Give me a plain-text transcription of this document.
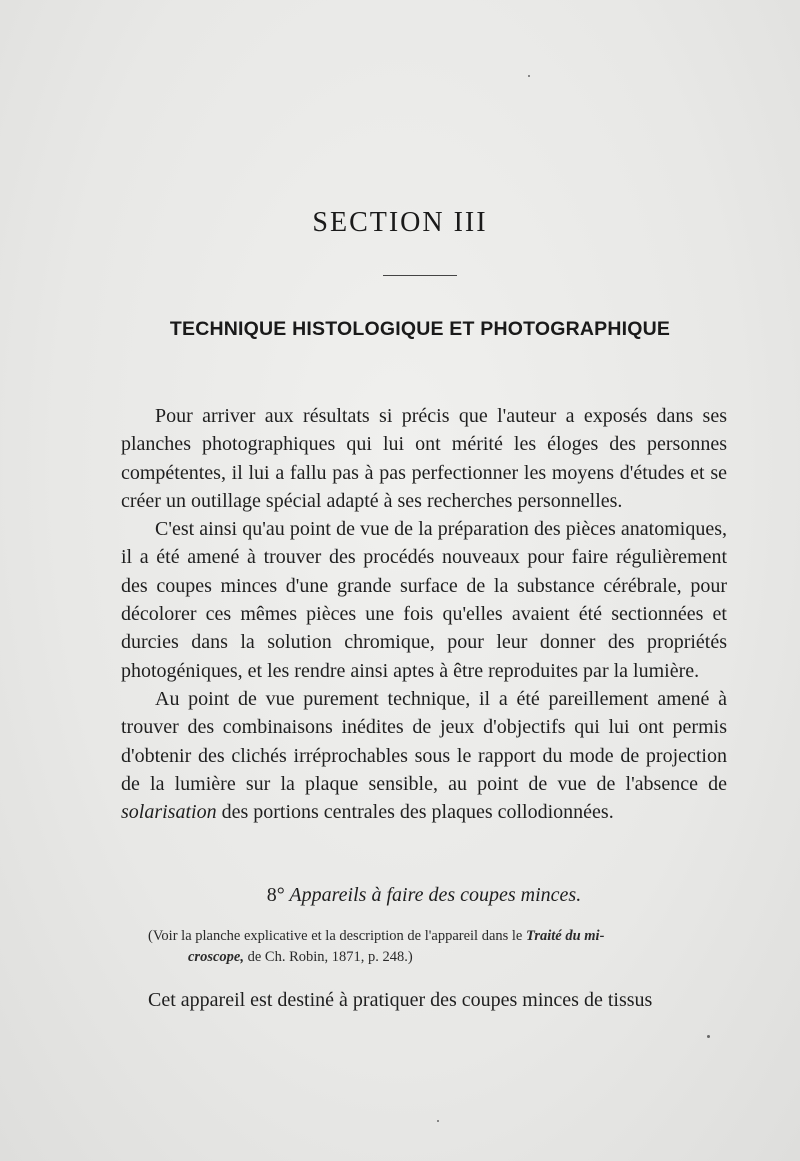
SECTION III
TECHNIQUE HISTOLOGIQUE ET PHOTOGRAPHIQUE

Pour arriver aux résultats si précis que l'auteur a exposés dans ses planches photographiques qui lui ont mérité les éloges des personnes compétentes, il lui a fallu pas à pas perfectionner les moyens d'études et se créer un outillage spécial adapté à ses recherches personnelles.

C'est ainsi qu'au point de vue de la préparation des pièces anatomiques, il a été amené à trouver des procédés nouveaux pour faire régulièrement des coupes minces d'une grande surface de la substance cérébrale, pour décolorer ces mêmes pièces une fois qu'elles avaient été sectionnées et durcies dans la solution chromique, pour leur donner des propriétés photogéniques, et les rendre ainsi aptes à être reproduites par la lumière.

Au point de vue purement technique, il a été pareillement amené à trouver des combinaisons inédites de jeux d'objectifs qui lui ont permis d'obtenir des clichés irréprochables sous le rapport du mode de projection de la lumière sur la plaque sensible, au point de vue de l'absence de solarisation des portions centrales des plaques collodionnées.

8° Appareils à faire des coupes minces.
(Voir la planche explicative et la description de l'appareil dans le Traité du mi-
croscope, de Ch. Robin, 1871, p. 248.)
Cet appareil est destiné à pratiquer des coupes minces de tissus
